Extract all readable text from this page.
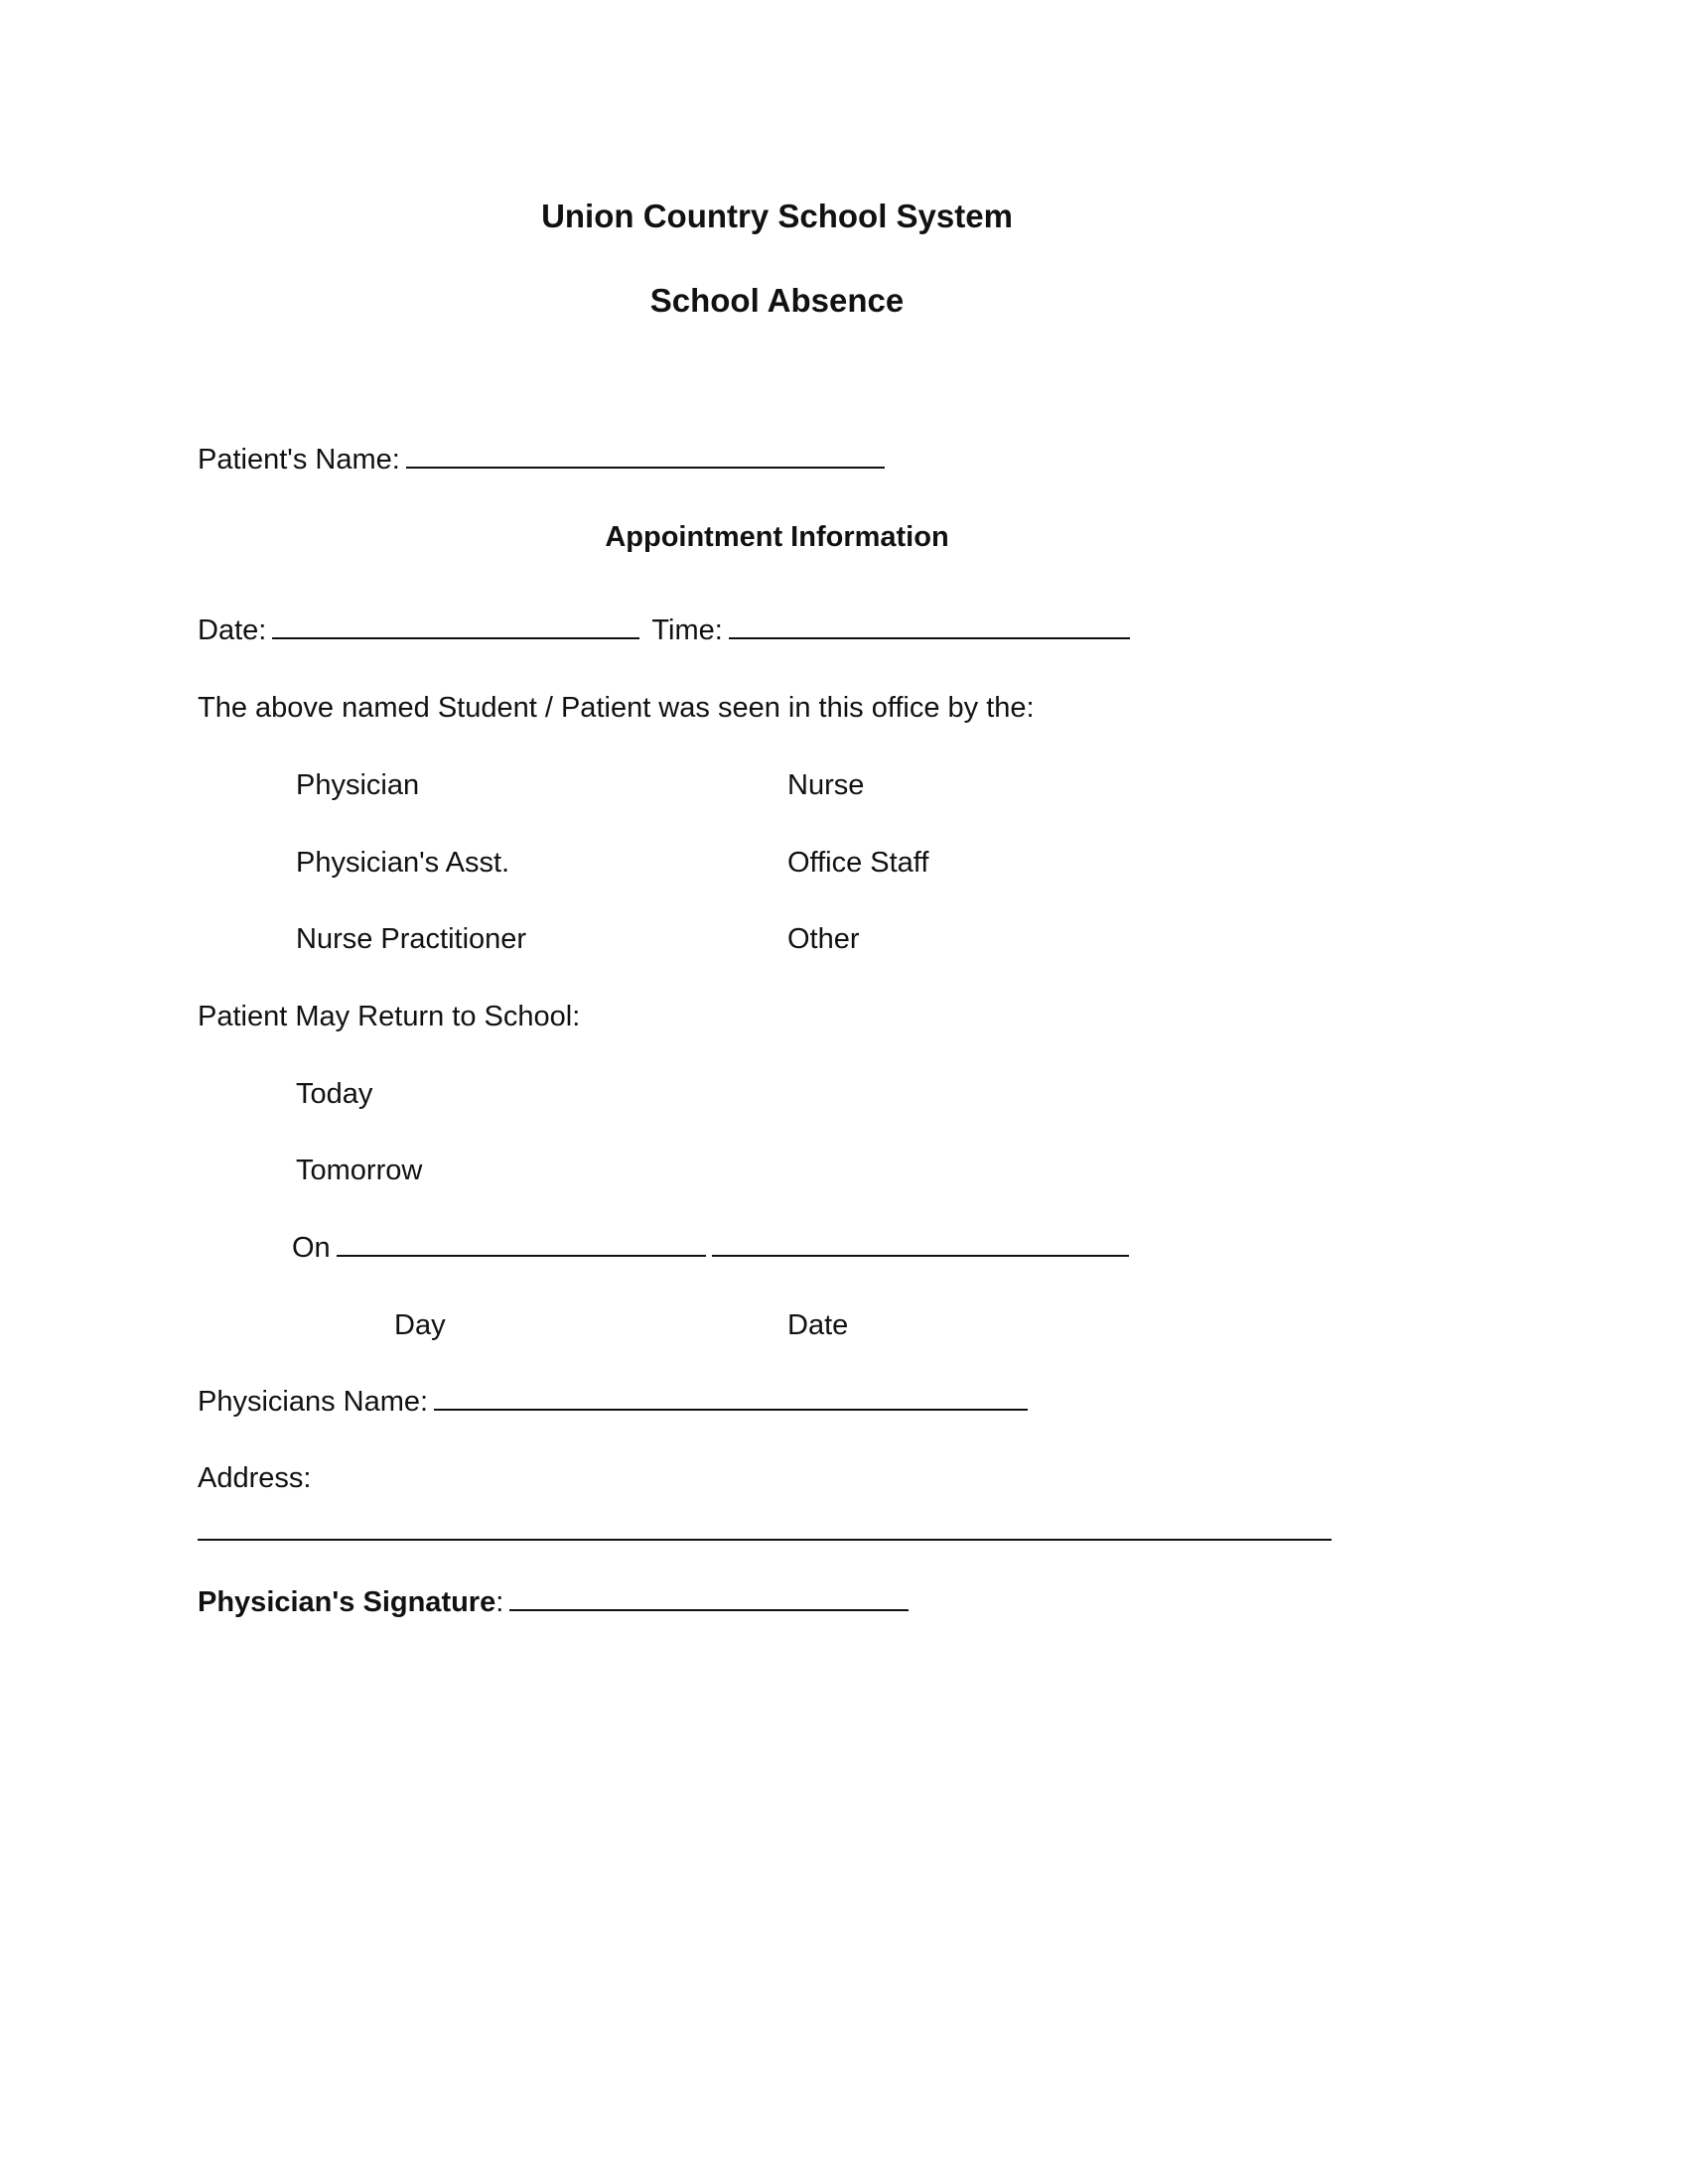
Union Country School System
School Absence
Patient's Name:
Appointment Information
Date:	Time:
The above named Student / Patient was seen in this office by the:
Physician	Nurse
Physician's Asst.	Office Staff
Nurse Practitioner	Other
Patient May Return to School:
Today
Tomorrow
On
Day	Date
Physicians Name:
Address:
Physician's Signature:
